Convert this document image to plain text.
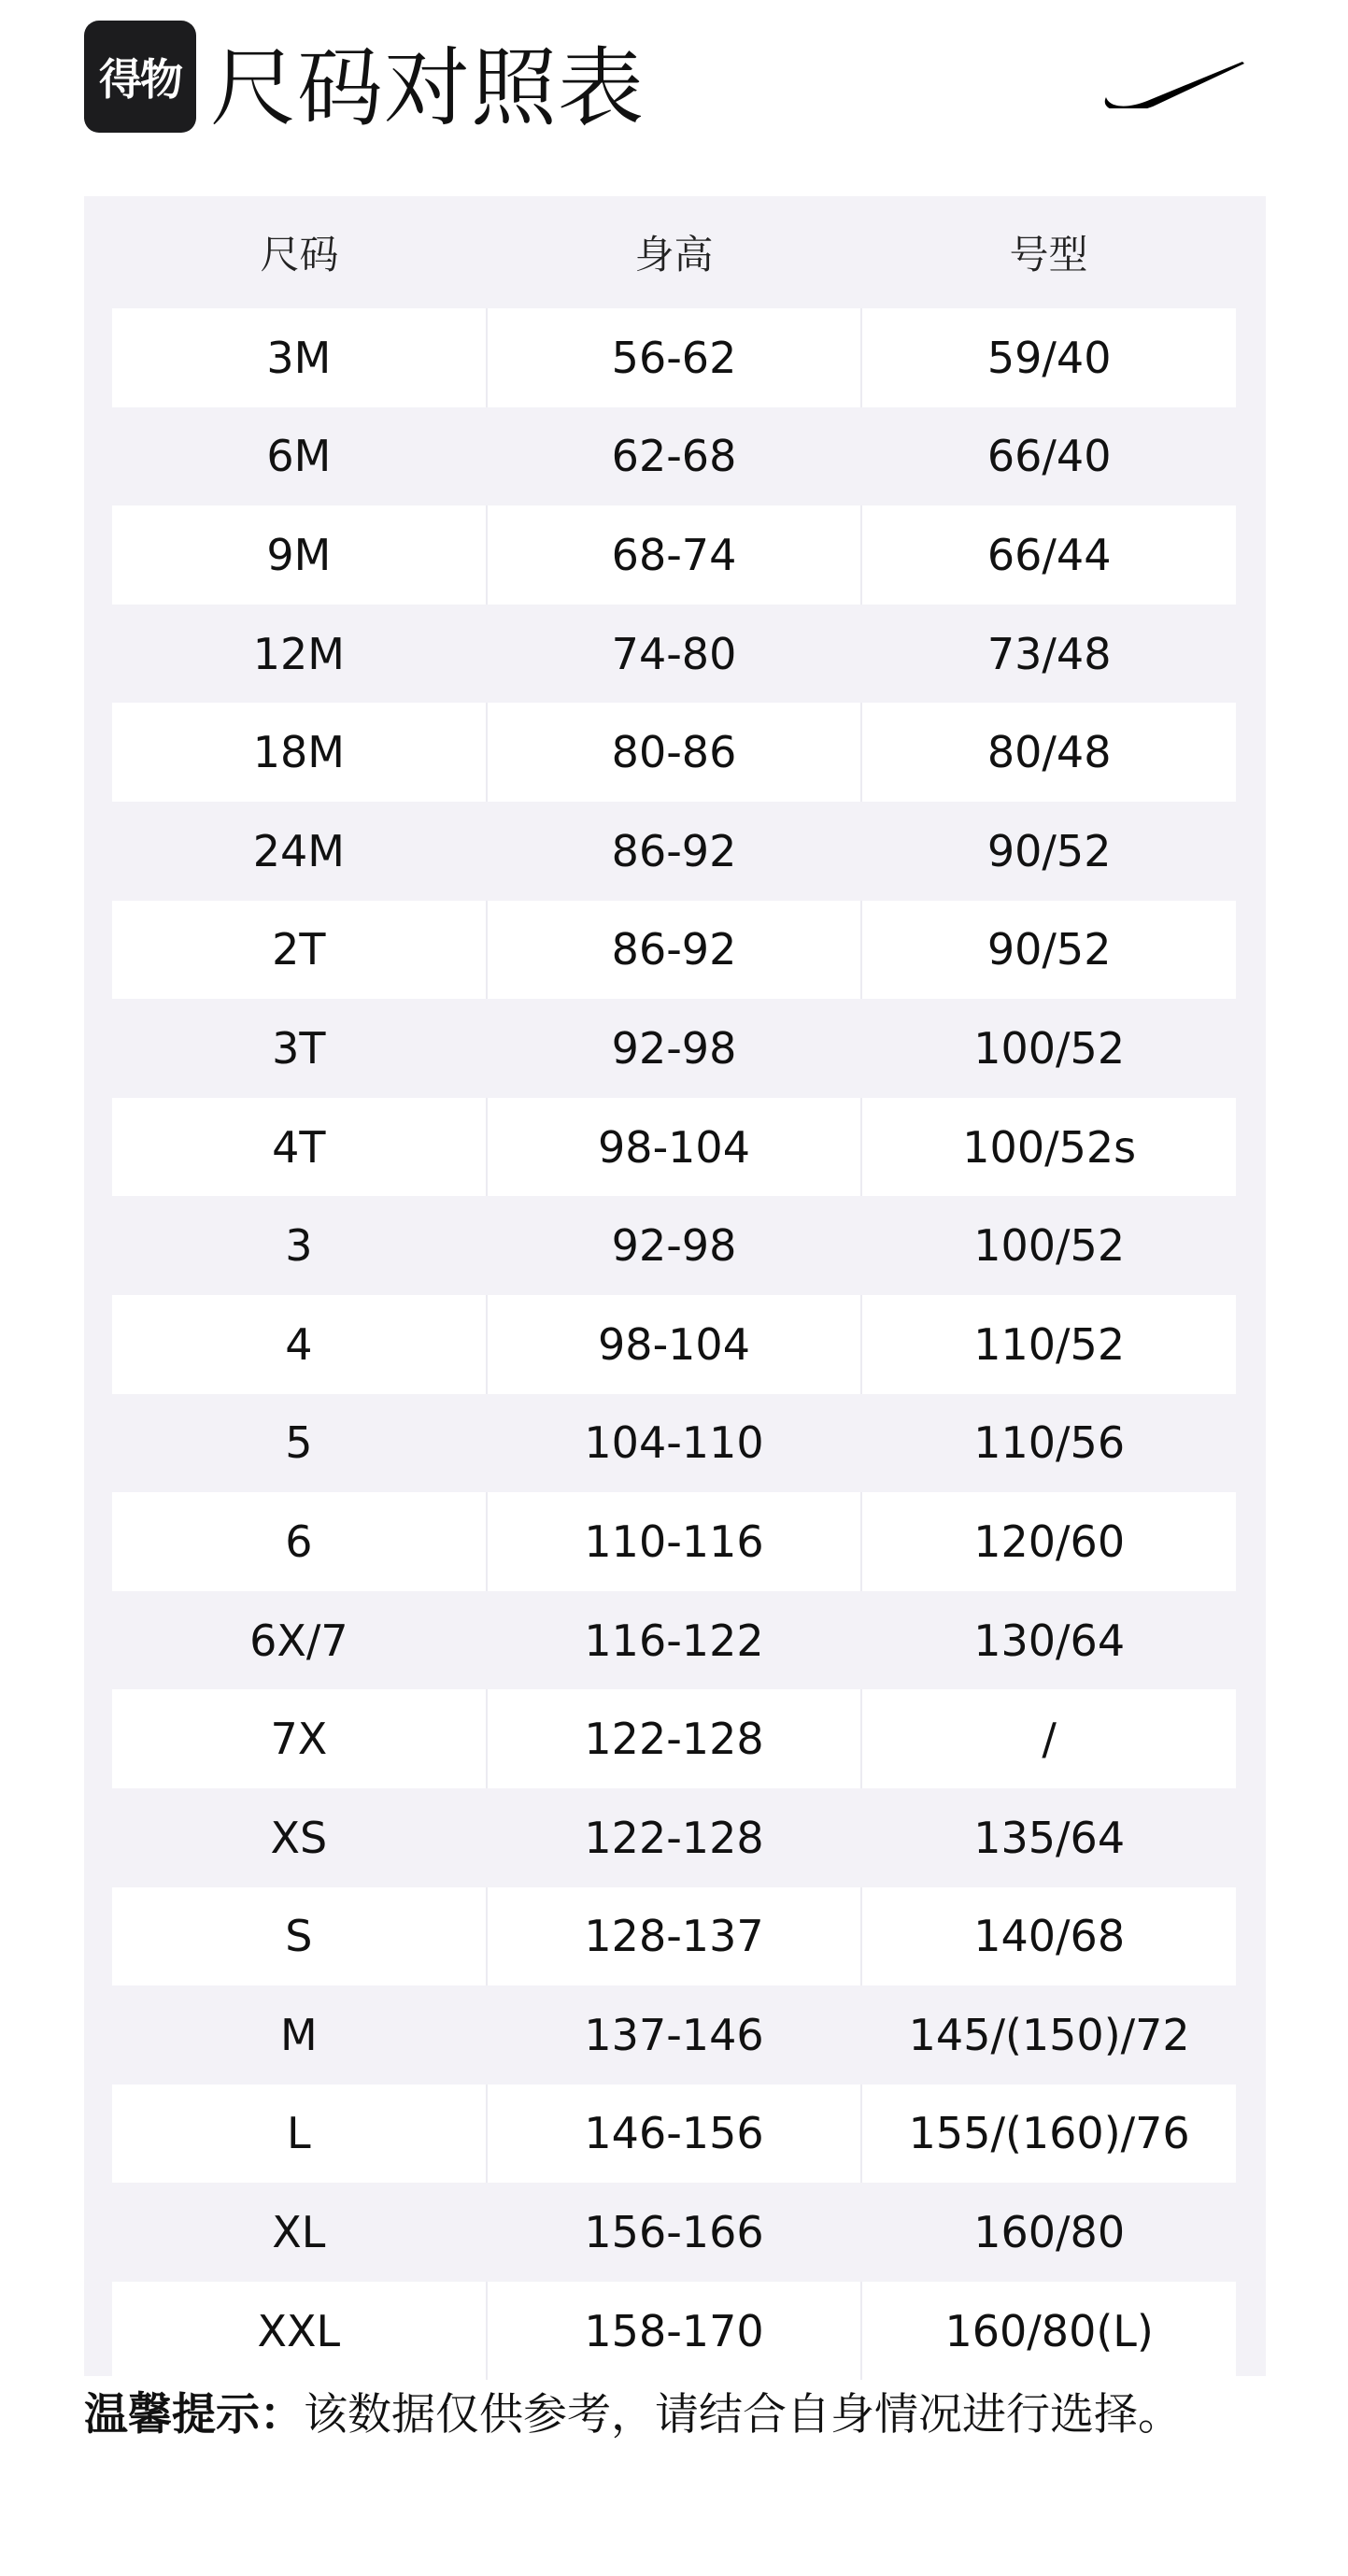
得物 尺码对照表
尺码	身高	号型
3M	56-62	59/40
6M	62-68	66/40
9M	68-74	66/44
12M	74-80	73/48
18M	80-86	80/48
24M	86-92	90/52
2T	86-92	90/52
3T	92-98	100/52
4T	98-104	100/52s
3	92-98	100/52
4	98-104	110/52
5	104-110	110/56
6	110-116	120/60
6X/7	116-122	130/64
7X	122-128	/
XS	122-128	135/64
S	128-137	140/68
M	137-146	145/(150)/72
L	146-156	155/(160)/76
XL	156-166	160/80
XXL	158-170	160/80(L)
温馨提示：该数据仅供参考，请结合自身情况进行选择。
